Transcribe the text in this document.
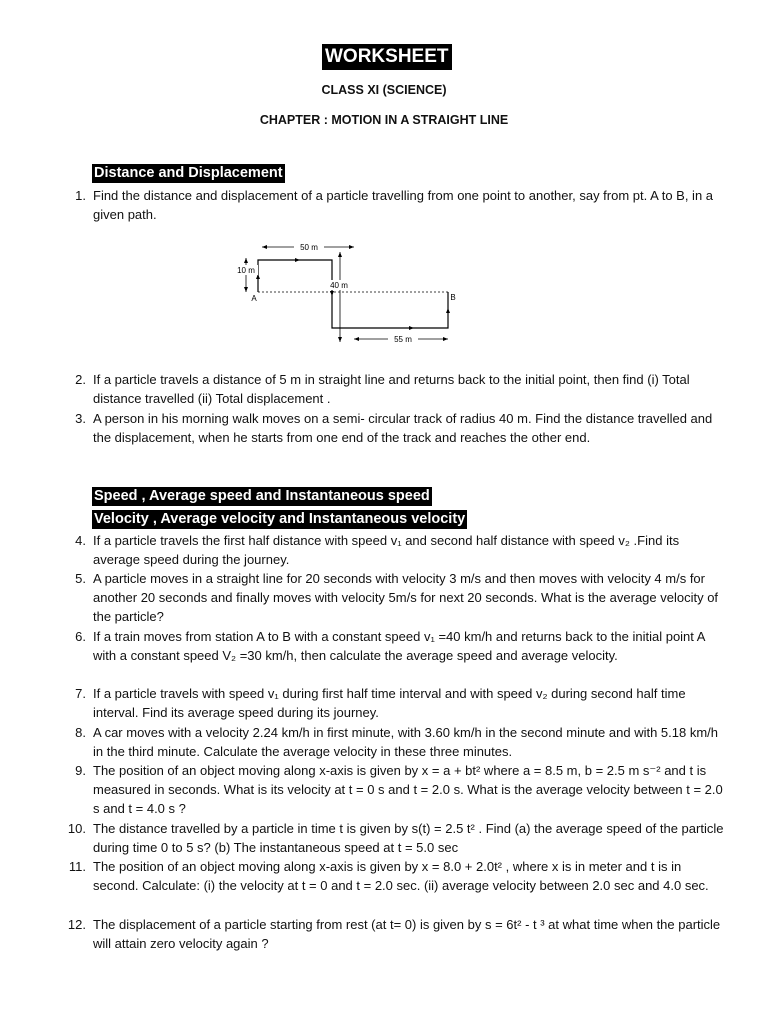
WORKSHEET
CLASS XI (SCIENCE)
CHAPTER : MOTION IN A STRAIGHT LINE
Distance and Displacement
1. Find the distance and displacement of a particle travelling from one point to another, say from pt. A to B, in a given path.
50 m
10 m
40 m
55 m
A	B
2. If a particle travels a distance of 5 m in straight line and returns back to the initial point, then find (i) Total distance travelled (ii) Total displacement .
3. A person in his morning walk moves on a semi- circular track of radius 40 m. Find the distance travelled and the displacement, when he starts from one end of the track and reaches the other end.
Speed , Average speed and Instantaneous speed
Velocity , Average velocity and Instantaneous velocity
4. If a particle travels the first half distance with speed v₁ and second half distance with speed v₂ .Find its average speed during the journey.
5. A particle moves in a straight line for 20 seconds with velocity 3 m/s and then moves with velocity 4 m/s for another 20 seconds and finally moves with velocity 5m/s for next 20 seconds. What is the average velocity of the particle?
6. If a train moves from station A to B with a constant speed v₁ =40 km/h and returns back to the initial point A with a constant speed V₂ =30 km/h, then calculate the average speed and average velocity.
7. If a particle travels with speed v₁ during first half time interval and with speed v₂ during second half time interval. Find its average speed during its journey.
8. A car moves with a velocity 2.24 km/h in first minute, with 3.60 km/h in the second minute and with 5.18 km/h in the third minute. Calculate the average velocity in these three minutes.
9. The position of an object moving along x-axis is given by x = a + bt² where a = 8.5 m, b = 2.5 m s⁻² and t is measured in seconds. What is its velocity at t = 0 s and t = 2.0 s. What is the average velocity between t = 2.0 s and t = 4.0 s ?
10. The distance travelled by a particle in time t is given by s(t) = 2.5 t² . Find (a) the average speed of the particle during time 0 to 5 s? (b) The instantaneous speed at t = 5.0 sec
11. The position of an object moving along x-axis is given by x = 8.0 + 2.0t² , where x is in meter and t is in second. Calculate: (i) the velocity at t = 0 and t = 2.0 sec. (ii) average velocity between 2.0 sec and 4.0 sec.
12. The displacement of a particle starting from rest (at t= 0) is given by s = 6t² - t ³ at what time when the particle will attain zero velocity again ?
